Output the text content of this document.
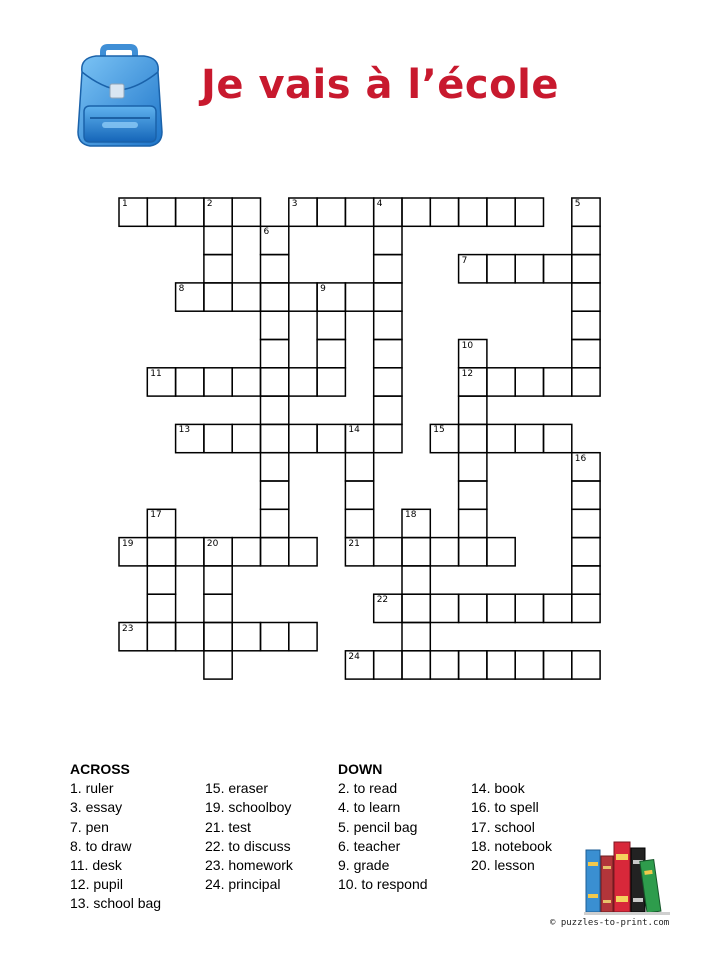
Je vais à l’école
1	2	3	4	5
6
7
8	9
10
12
11
13	14
21
15
16
17	18
19	20
22
23
24
ACROSS
1. ruler
3. essay
7. pen
8. to draw
11. desk
12. pupil
13. school bag

15. eraser
19. schoolboy
21. test
22. to discuss
23. homework
24. principal
DOWN
2. to read
4. to learn
5. pencil bag
6. teacher
9. grade
10. to respond

14. book
16. to spell
17. school
18. notebook
20. lesson
© puzzles-to-print.com
